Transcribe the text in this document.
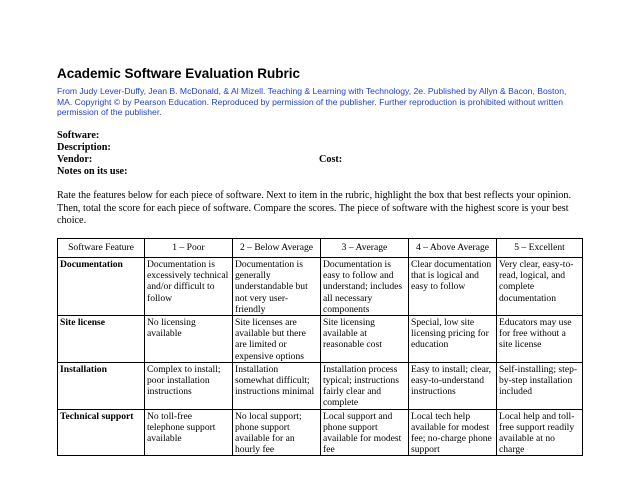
Academic Software Evaluation Rubric

From Judy Lever-Duffy, Jean B. McDonald, & Al Mizell. Teaching & Learning with Technology, 2e. Published by Allyn & Bacon, Boston, MA. Copyright © by Pearson Education. Reproduced by permission of the publisher. Further reproduction is prohibited without written permission of the publisher.

Software:
Description:
Vendor:	Cost:
Notes on its use:

Rate the features below for each piece of software. Next to item in the rubric, highlight the box that best reflects your opinion. Then, total the score for each piece of software. Compare the scores. The piece of software with the highest score is your best choice.

Software Feature	1 – Poor	2 – Below Average	3 – Average	4 – Above Average	5 – Excellent
Documentation	Documentation is excessively technical and/or difficult to follow	Documentation is generally understandable but not very user-friendly	Documentation is easy to follow and understand; includes all necessary components	Clear documentation that is logical and easy to follow	Very clear, easy-to-read, logical, and complete documentation
Site license	No licensing available	Site licenses are available but there are limited or expensive options	Site licensing available at reasonable cost	Special, low site licensing pricing for education	Educators may use for free without a site license
Installation	Complex to install; poor installation instructions	Installation somewhat difficult; instructions minimal	Installation process typical; instructions fairly clear and complete	Easy to install; clear, easy-to-understand instructions	Self-installing; step-by-step installation included
Technical support	No toll-free telephone support available	No local support; phone support available for an hourly fee	Local support and phone support available for modest fee	Local tech help available for modest fee; no-charge phone support	Local help and toll-free support readily available at no charge
